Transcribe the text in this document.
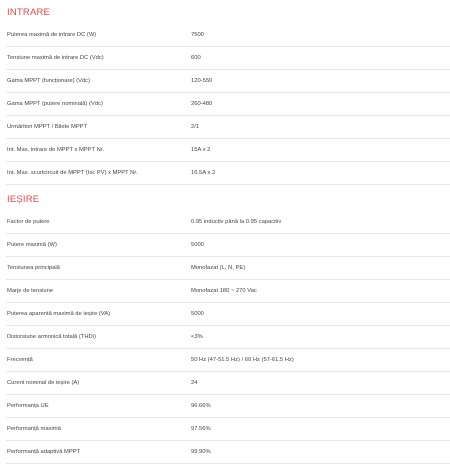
INTRARE
Puterea maximă de intrare DC (W)	7500
Tensiune maximă de intrare DC (Vdc)	600
Gama MPPT (funcționare) (Vdc)	120-550
Gama MPPT (putere nominală) (Vdc)	260-480
Urmăritori MPPT / Bilete MPPT	2/1
Int. Max. intrare de MPPT x MPPT Nr.	15A x 2
Int. Max. scurtcircuit de MPPT (Isc PV) x MPPT Nr.	16.5A x 2
IEȘIRE
Factor de putere	0.95 inductiv până la 0.95 capacitiv
Putere maximă (W)	5000
Tensiunea principală	Monofazat (L, N, PE)
Marje de tensiune	Monofazat 180 ~ 270 Vac
Puterea aparentă maximă de ieșire (VA)	5000
Distorsiune armonică totală (THDi)	<3%
Frecvență	50 Hz (47-51.5 Hz) / 60 Hz (57-61.5 Hz)
Curent nominal de ieșire (A)	24
Performanța UE	96.66%
Performanță maximă	97.56%
Performanță adaptivă MPPT	99.90%
